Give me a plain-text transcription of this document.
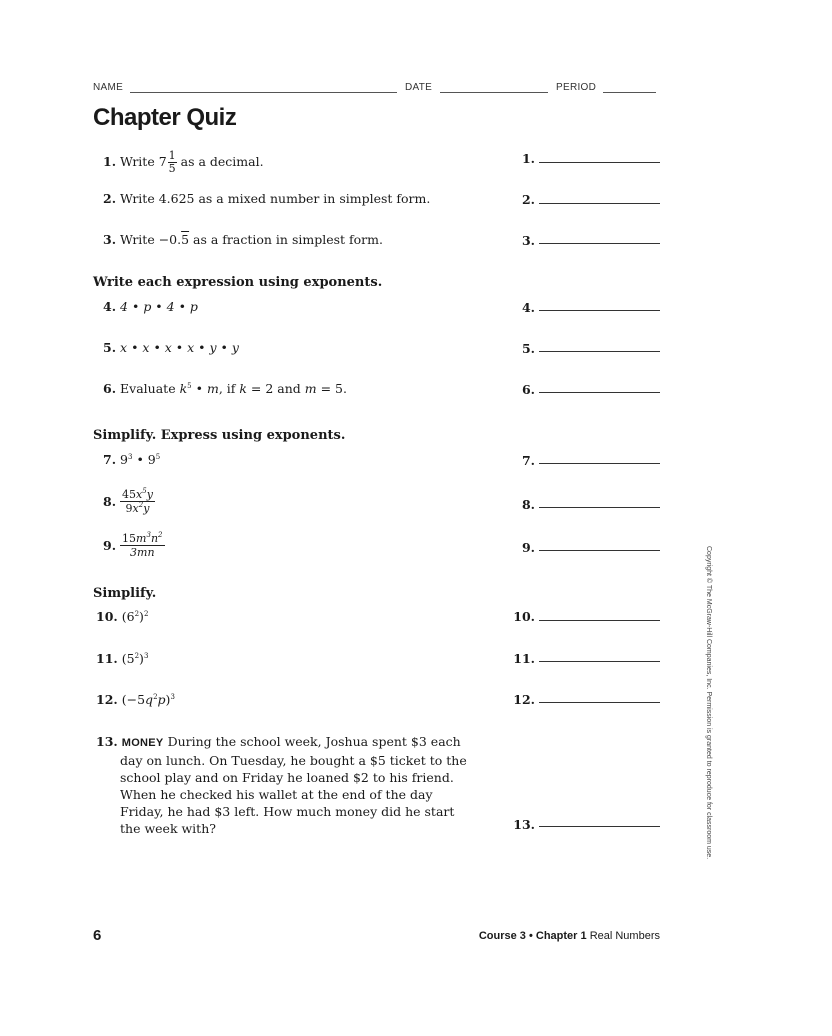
NAME	DATE	PERIOD
Chapter Quiz
1. Write $7 \frac{1}{5}$ as a decimal.	1.
2. Write 4.625 as a mixed number in simplest form.	2.
3. Write −0.5 as a fraction in simplest form.	3.
Write each expression using exponents.
4. 4 • p • 4 • p	4.
5. x • x • x • x • y • y	5.
6. Evaluate $k^5$ • m, if k = 2 and m = 5.	6.
Simplify. Express using exponents.
7. $9^3$ • $9^5$	7.
8. $\frac{45x^5y}{9x^2y}$	8.
9. $\frac{15m^3n^2}{3mn}$	9.
Simplify.
10. $(6^2)^2$	10.
11. $(5^2)^3$	11.
12. $(-5q^2p)^3$	12.
13. MONEY During the school week, Joshua spent $3 each
day on lunch. On Tuesday, he bought a $5 ticket to the
school play and on Friday he loaned $2 to his friend.
When he checked his wallet at the end of the day
Friday, he had $3 left. How much money did he start
the week with?	13.	Copyright © The McGraw-Hill Companies, Inc. Permission is granted to reproduce for classroom use.
6	Course 3 • Chapter 1 Real Numbers
